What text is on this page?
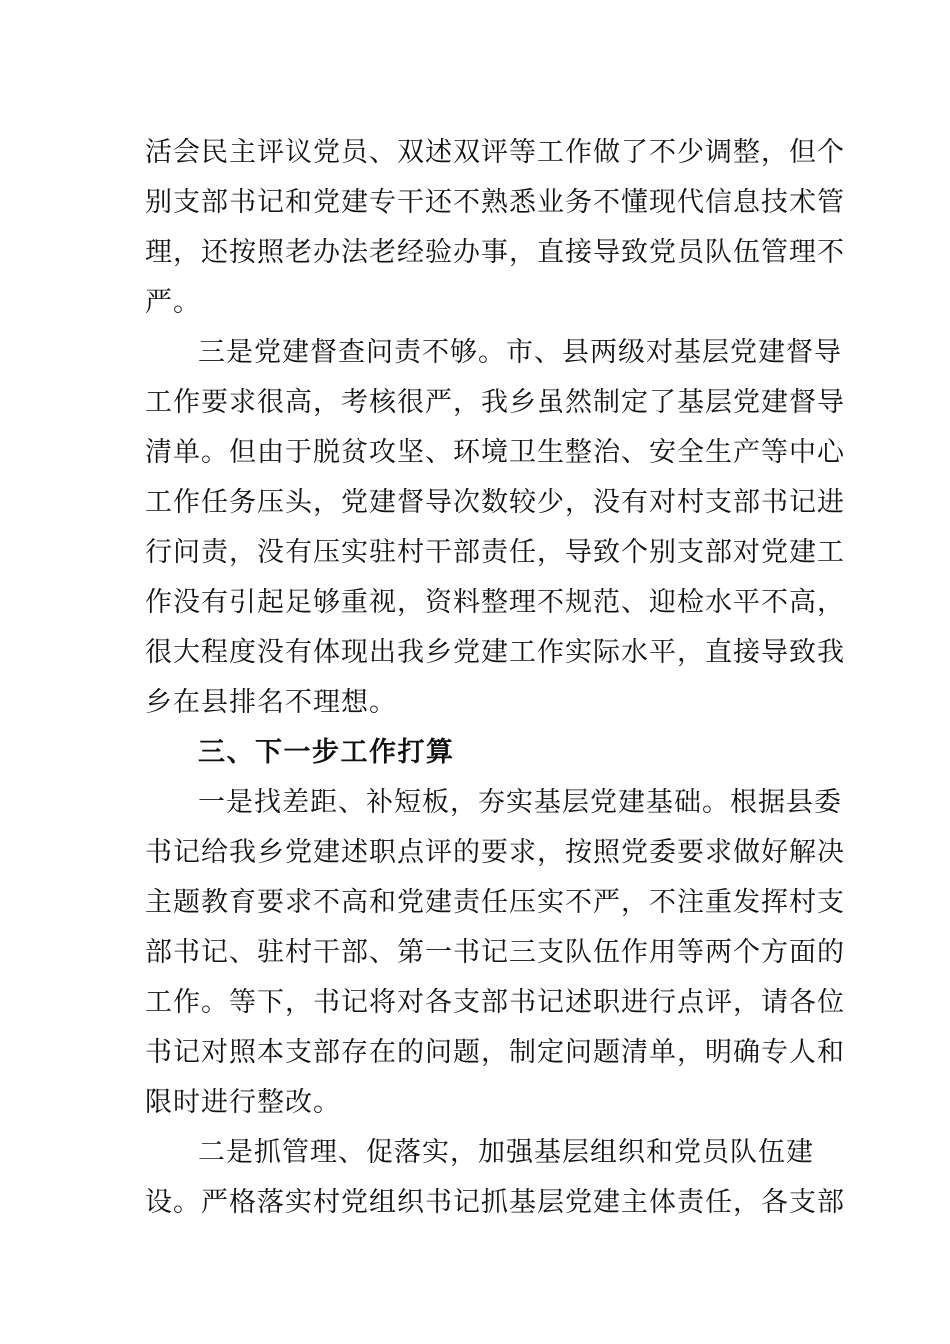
活会民主评议党员、双述双评等工作做了不少调整，但个
别支部书记和党建专干还不熟悉业务不懂现代信息技术管
理，还按照老办法老经验办事，直接导致党员队伍管理不
严。
三是党建督查问责不够。市、县两级对基层党建督导
工作要求很高，考核很严，我乡虽然制定了基层党建督导
清单。但由于脱贫攻坚、环境卫生整治、安全生产等中心
工作任务压头，党建督导次数较少，没有对村支部书记进
行问责，没有压实驻村干部责任，导致个别支部对党建工
作没有引起足够重视，资料整理不规范、迎检水平不高，
很大程度没有体现出我乡党建工作实际水平，直接导致我
乡在县排名不理想。
三、下一步工作打算
一是找差距、补短板，夯实基层党建基础。根据县委
书记给我乡党建述职点评的要求，按照党委要求做好解决
主题教育要求不高和党建责任压实不严，不注重发挥村支
部书记、驻村干部、第一书记三支队伍作用等两个方面的
工作。等下，书记将对各支部书记述职进行点评，请各位
书记对照本支部存在的问题，制定问题清单，明确专人和
限时进行整改。
二是抓管理、促落实，加强基层组织和党员队伍建
设。严格落实村党组织书记抓基层党建主体责任，各支部
